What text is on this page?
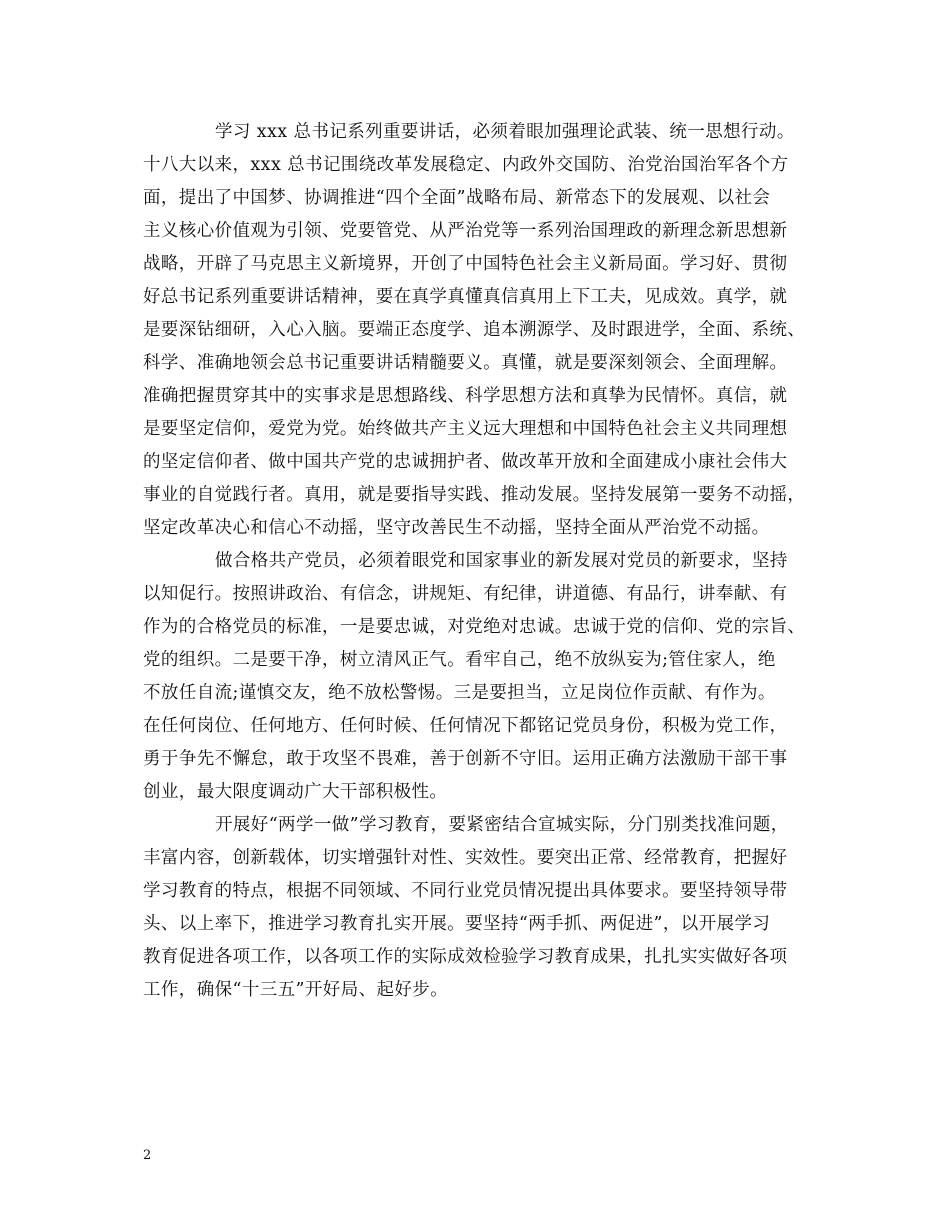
学习 xxx 总书记系列重要讲话，必须着眼加强理论武装、统一思想行动。
十八大以来，xxx 总书记围绕改革发展稳定、内政外交国防、治党治国治军各个方
面，提出了中国梦、协调推进“四个全面”战略布局、新常态下的发展观、以社会
主义核心价值观为引领、党要管党、从严治党等一系列治国理政的新理念新思想新
战略，开辟了马克思主义新境界，开创了中国特色社会主义新局面。学习好、贯彻
好总书记系列重要讲话精神，要在真学真懂真信真用上下工夫，见成效。真学，就
是要深钻细研，入心入脑。要端正态度学、追本溯源学、及时跟进学，全面、系统、
科学、准确地领会总书记重要讲话精髓要义。真懂，就是要深刻领会、全面理解。
准确把握贯穿其中的实事求是思想路线、科学思想方法和真挚为民情怀。真信，就
是要坚定信仰，爱党为党。始终做共产主义远大理想和中国特色社会主义共同理想
的坚定信仰者、做中国共产党的忠诚拥护者、做改革开放和全面建成小康社会伟大
事业的自觉践行者。真用，就是要指导实践、推动发展。坚持发展第一要务不动摇，
坚定改革决心和信心不动摇，坚守改善民生不动摇，坚持全面从严治党不动摇。

做合格共产党员，必须着眼党和国家事业的新发展对党员的新要求，坚持
以知促行。按照讲政治、有信念，讲规矩、有纪律，讲道德、有品行，讲奉献、有
作为的合格党员的标准，一是要忠诚，对党绝对忠诚。忠诚于党的信仰、党的宗旨、
党的组织。二是要干净，树立清风正气。看牢自己，绝不放纵妄为;管住家人，绝
不放任自流;谨慎交友，绝不放松警惕。三是要担当，立足岗位作贡献、有作为。
在任何岗位、任何地方、任何时候、任何情况下都铭记党员身份，积极为党工作，
勇于争先不懈怠，敢于攻坚不畏难，善于创新不守旧。运用正确方法激励干部干事
创业，最大限度调动广大干部积极性。

开展好“两学一做”学习教育，要紧密结合宣城实际，分门别类找准问题，
丰富内容，创新载体，切实增强针对性、实效性。要突出正常、经常教育，把握好
学习教育的特点，根据不同领域、不同行业党员情况提出具体要求。要坚持领导带
头、以上率下，推进学习教育扎实开展。要坚持“两手抓、两促进”，以开展学习
教育促进各项工作，以各项工作的实际成效检验学习教育成果，扎扎实实做好各项
工作，确保“十三五”开好局、起好步。

2
